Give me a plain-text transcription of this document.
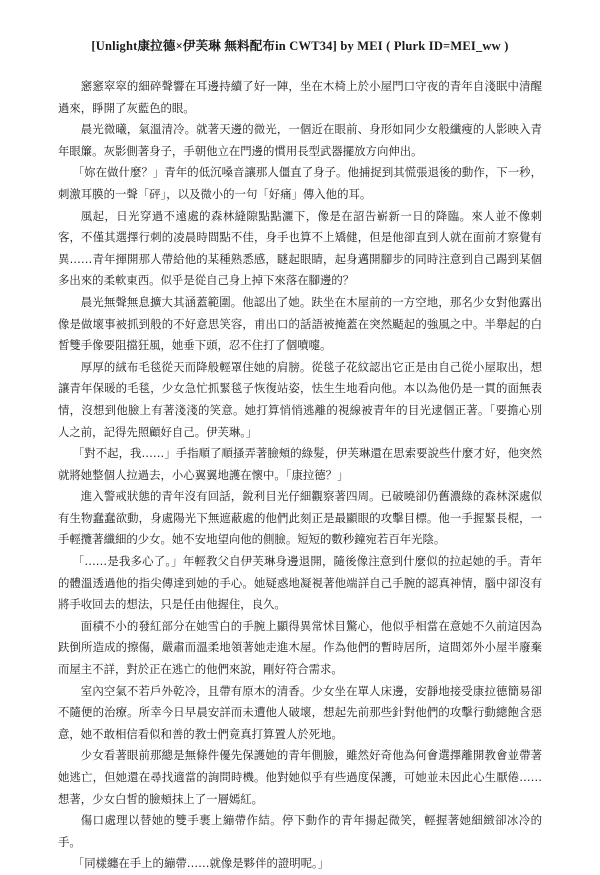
[Unlight康拉德×伊芙琳 無料配布in CWT34] by MEI ( Plurk ID=MEI_ww )

窸窸窣窣的細碎聲響在耳邊持續了好一陣，坐在木椅上於小屋門口守夜的青年自淺眠中清醒過來，睜開了灰藍色的眼。

晨光微曦，氣溫清冷。就著天邊的微光，一個近在眼前、身形如同少女般纖瘦的人影映入青年眼簾。灰影側著身子，手朝他立在門邊的慣用長型武器擺放方向伸出。

「妳在做什麼？」青年的低沉嗓音讓那人僵直了身子。他捕捉到其慌張退後的動作，下一秒，刺激耳膜的一聲「砰」，以及微小的一句「好痛」傳入他的耳。

風起，日光穿過不遠處的森林縫隙點點灑下，像是在詔告嶄新一日的降臨。來人並不像刺客，不僅其選擇行刺的凌晨時間點不佳，身手也算不上矯健，但是他卻直到人就在面前才察覺有異……青年揮開那人帶給他的某種熟悉感，瞇起眼睛，起身邁開腳步的同時注意到自己踢到某個多出來的柔軟東西。似乎是從自己身上掉下來落在腳邊的？

晨光無聲無息擴大其涵蓋範圍。他認出了她。趺坐在木屋前的一方空地，那名少女對他露出像是做壞事被抓到般的不好意思笑容，甫出口的話語被掩蓋在突然颳起的強風之中。半舉起的白皙雙手像要阻擋狂風，她垂下頭，忍不住打了個噴嚏。

厚厚的絨布毛毯從天而降般輕罩住她的肩膀。從毯子花紋認出它正是由自己從小屋取出，想讓青年保暖的毛毯，少女急忙抓緊毯子恢復站姿，怯生生地看向他。本以為他仍是一貫的面無表情，沒想到他臉上有著淺淺的笑意。她打算悄悄逃離的視線被青年的目光逮個正著。「要擔心別人之前，記得先照顧好自己。伊芙琳。」

「對不起，我……」手指順了順搔弄著臉頰的綠髮，伊芙琳還在思索要說些什麼才好，他突然就將她整個人拉過去，小心翼翼地護在懷中。「康拉德？」

進入警戒狀態的青年沒有回話，銳利目光仔細觀察著四周。已破曉卻仍舊濃綠的森林深處似有生物蠢蠢欲動，身處陽光下無遮蔽處的他們此刻正是最顯眼的攻擊目標。他一手握緊長棍，一手輕攬著纖細的少女。她不安地望向他的側臉。短短的數秒鐘宛若百年光陰。

「……是我多心了。」年輕教父自伊芙琳身邊退開，隨後像注意到什麼似的拉起她的手。青年的體溫透過他的指尖傳達到她的手心。她疑惑地凝視著他端詳自己手腕的認真神情，腦中卻沒有將手收回去的想法，只是任由他握住，良久。

面積不小的發紅部分在她雪白的手腕上顯得異常怵目驚心，他似乎相當在意她不久前這因為趺倒所造成的擦傷，嚴肅而溫柔地領著她走進木屋。作為他們的暫時居所，這間郊外小屋半廢棄而屋主不詳，對於正在逃亡的他們來說，剛好符合需求。

室內空氣不若戶外乾冷，且帶有原木的清香。少女坐在單人床邊，安靜地接受康拉德簡易卻不隨便的治療。所幸今日早晨安詳而未遭他人破壞，想起先前那些針對他們的攻擊行動總飽含惡意，她不敢相信看似和善的教士們竟真打算置人於死地。

少女看著眼前那總是無條件優先保護她的青年側臉，雖然好奇他為何會選擇離開教會並帶著她逃亡，但她還在尋找適當的詢問時機。他對她似乎有些過度保護，可她並未因此心生厭倦……想著，少女白皙的臉頰抹上了一層嫣紅。

傷口處理以替她的雙手裹上繃帶作結。停下動作的青年揚起微笑，輕握著她細緻卻冰冷的手。

「同樣纏在手上的繃帶……就像是夥伴的證明呢。」
